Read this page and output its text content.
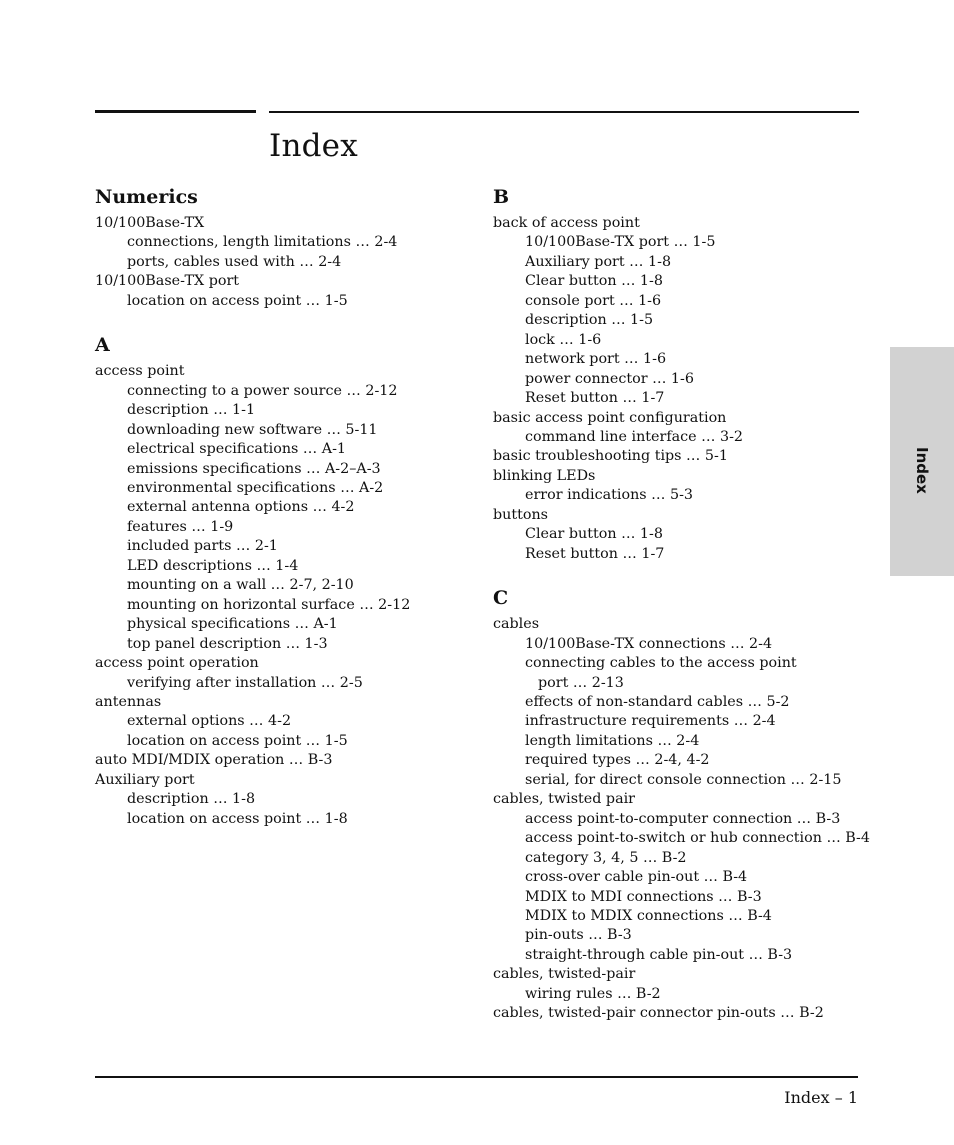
Index
Numerics
10/100Base-TX
connections, length limitations … 2-4
ports, cables used with … 2-4
10/100Base-TX port
location on access point … 1-5
A
access point
connecting to a power source … 2-12
description … 1-1
downloading new software … 5-11
electrical specifications … A-1
emissions specifications … A-2–A-3
environmental specifications … A-2
external antenna options … 4-2
features … 1-9
included parts … 2-1
LED descriptions … 1-4
mounting on a wall … 2-7, 2-10
mounting on horizontal surface … 2-12
physical specifications … A-1
top panel description … 1-3
access point operation
verifying after installation … 2-5
antennas
external options … 4-2
location on access point … 1-5
auto MDI/MDIX operation … B-3
Auxiliary port
description … 1-8
location on access point … 1-8
B
back of access point
10/100Base-TX port … 1-5
Auxiliary port … 1-8
Clear button … 1-8
console port … 1-6
description … 1-5
lock … 1-6
network port … 1-6
power connector … 1-6
Reset button … 1-7
basic access point configuration
command line interface … 3-2
basic troubleshooting tips … 5-1
blinking LEDs
error indications … 5-3
buttons
Clear button … 1-8
Reset button … 1-7
C
cables
10/100Base-TX connections … 2-4
connecting cables to the access point
port … 2-13
effects of non-standard cables … 5-2
infrastructure requirements … 2-4
length limitations … 2-4
required types … 2-4, 4-2
serial, for direct console connection … 2-15
cables, twisted pair
access point-to-computer connection … B-3
access point-to-switch or hub connection … B-4
category 3, 4, 5 … B-2
cross-over cable pin-out … B-4
MDIX to MDI connections … B-3
MDIX to MDIX connections … B-4
pin-outs … B-3
straight-through cable pin-out … B-3
cables, twisted-pair
wiring rules … B-2
cables, twisted-pair connector pin-outs … B-2
Index
Index – 1
